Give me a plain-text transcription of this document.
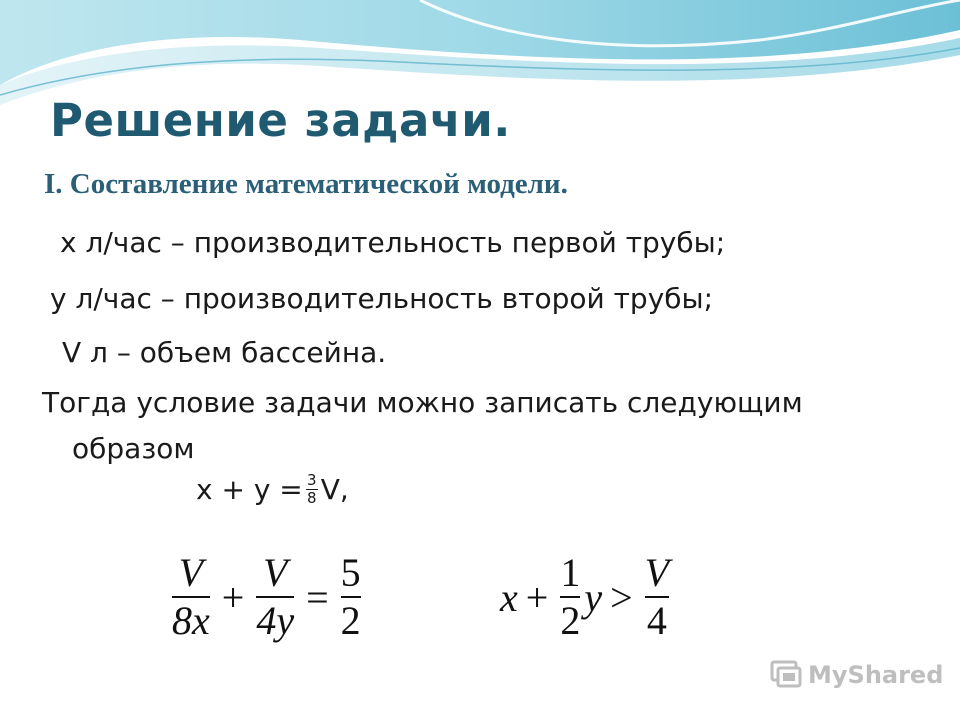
Решение задачи.
I. Составление математической модели.
x л/час – производительность первой трубы;
y л/час – производительность второй трубы;
V л – объем бассейна.
Тогда условие задачи можно записать следующим
образом
$x + y = \frac{3}{8} V$,
$\frac{V}{8x} + \frac{V}{4y} = \frac{5}{2}$	$x + \frac{1}{2}$ $y > \frac{V}{4}$
MyShared
